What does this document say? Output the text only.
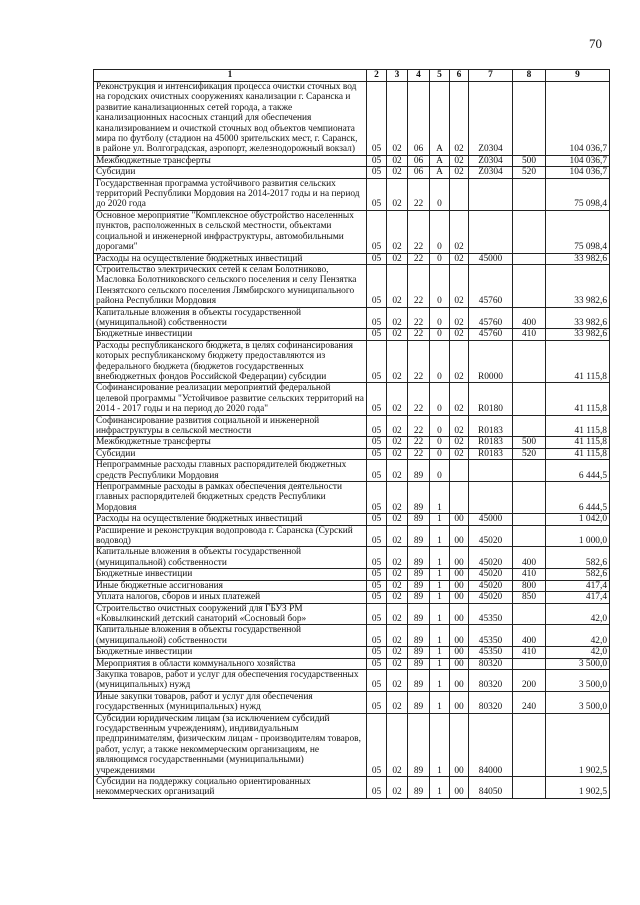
70
1	2	3	4	5	6	7	8	9
Реконструкция и интенсификация процесса очистки сточных вод на городских очистных сооружениях канализации г. Саранска и развитие канализационных сетей города, а также канализационных насосных станций для обеспечения канализированием и очисткой сточных вод объектов чемпионата мира по футболу (стадион на 45000 зрительских мест, г. Саранск, в районе ул. Волгоградская, аэропорт, железнодорожный вокзал)	05	02	06	А	02	Z0304		104 036,7
Межбюджетные трансферты	05	02	06	А	02	Z0304	500	104 036,7
Субсидии	05	02	06	А	02	Z0304	520	104 036,7
Государственная программа устойчивого развития сельских территорий Республики Мордовия на 2014-2017 годы и на период до 2020 года	05	02	22	0				75 098,4
Основное мероприятие "Комплексное обустройство населенных пунктов, расположенных в сельской местности, объектами социальной и инженерной инфраструктуры, автомобильными дорогами"	05	02	22	0	02			75 098,4
Расходы на осуществление бюджетных инвестиций	05	02	22	0	02	45000		33 982,6
Строительство электрических сетей к селам Болотниково, Масловка Болотниковского сельского поселения и селу Пензятка Пензятского сельского поселения Лямбирского муниципального района Республики Мордовия	05	02	22	0	02	45760		33 982,6
Капитальные вложения в объекты государственной (муниципальной) собственности	05	02	22	0	02	45760	400	33 982,6
Бюджетные инвестиции	05	02	22	0	02	45760	410	33 982,6
Расходы республиканского бюджета, в целях софинансирования которых республиканскому бюджету предоставляются из федерального бюджета (бюджетов государственных внебюджетных фондов Российской Федерации) субсидии	05	02	22	0	02	R0000		41 115,8
Софинансирование реализации мероприятий федеральной целевой программы "Устойчивое развитие сельских территорий на 2014 - 2017 годы и на период до 2020 года"	05	02	22	0	02	R0180		41 115,8
Софинансирование развития социальной и инженерной инфраструктуры в сельской местности	05	02	22	0	02	R0183		41 115,8
Межбюджетные трансферты	05	02	22	0	02	R0183	500	41 115,8
Субсидии	05	02	22	0	02	R0183	520	41 115,8
Непрограммные расходы главных распорядителей бюджетных средств Республики Мордовия	05	02	89	0				6 444,5
Непрограммные расходы в рамках обеспечения деятельности главных распорядителей бюджетных средств Республики Мордовия	05	02	89	1				6 444,5
Расходы на осуществление бюджетных инвестиций	05	02	89	1	00	45000		1 042,0
Расширение и реконструкция водопровода г. Саранска (Сурский водовод)	05	02	89	1	00	45020		1 000,0
Капитальные вложения в объекты государственной (муниципальной) собственности	05	02	89	1	00	45020	400	582,6
Бюджетные инвестиции	05	02	89	1	00	45020	410	582,6
Иные бюджетные ассигнования	05	02	89	1	00	45020	800	417,4
Уплата налогов, сборов и иных платежей	05	02	89	1	00	45020	850	417,4
Строительство очистных сооружений для ГБУЗ РМ «Ковылкинский детский санаторий «Сосновый бор»	05	02	89	1	00	45350		42,0
Капитальные вложения в объекты государственной (муниципальной) собственности	05	02	89	1	00	45350	400	42,0
Бюджетные инвестиции	05	02	89	1	00	45350	410	42,0
Мероприятия в области коммунального хозяйства	05	02	89	1	00	80320		3 500,0
Закупка товаров, работ и услуг для обеспечения государственных (муниципальных) нужд	05	02	89	1	00	80320	200	3 500,0
Иные закупки товаров, работ и услуг для обеспечения государственных (муниципальных) нужд	05	02	89	1	00	80320	240	3 500,0
Субсидии юридическим лицам (за исключением субсидий государственным учреждениям), индивидуальным предпринимателям, физическим лицам - производителям товаров, работ, услуг, а также некоммерческим организациям, не являющимся государственными (муниципальными) учреждениями	05	02	89	1	00	84000		1 902,5
Субсидии на поддержку социально ориентированных некоммерческих организаций	05	02	89	1	00	84050		1 902,5
